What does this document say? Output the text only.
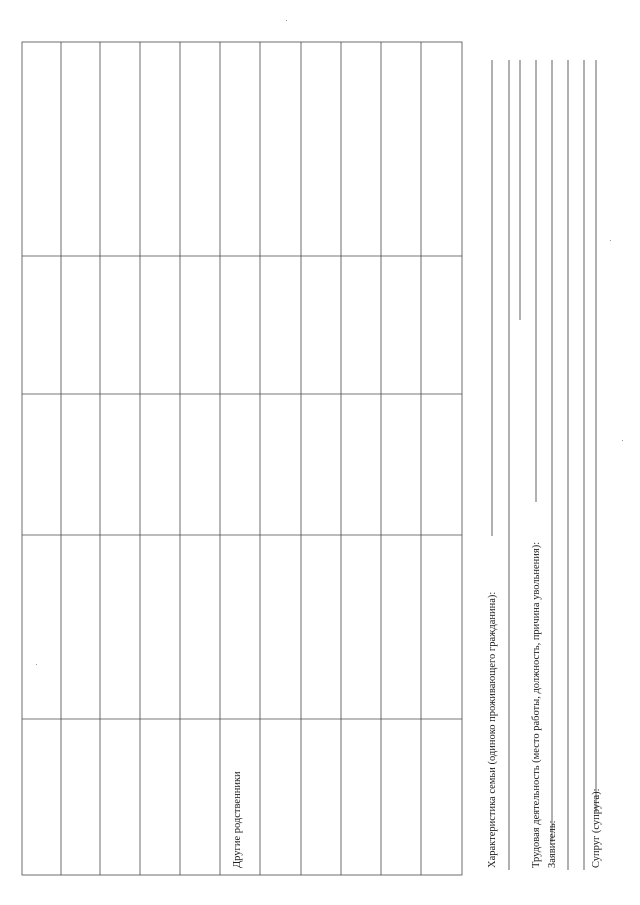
Другие родственники	Характеристика семьи (одиноко проживающего гражданина):	Трудовая деятельность (место работы, должность, причина увольнения): Заявитель:	Супруг (супруга):
